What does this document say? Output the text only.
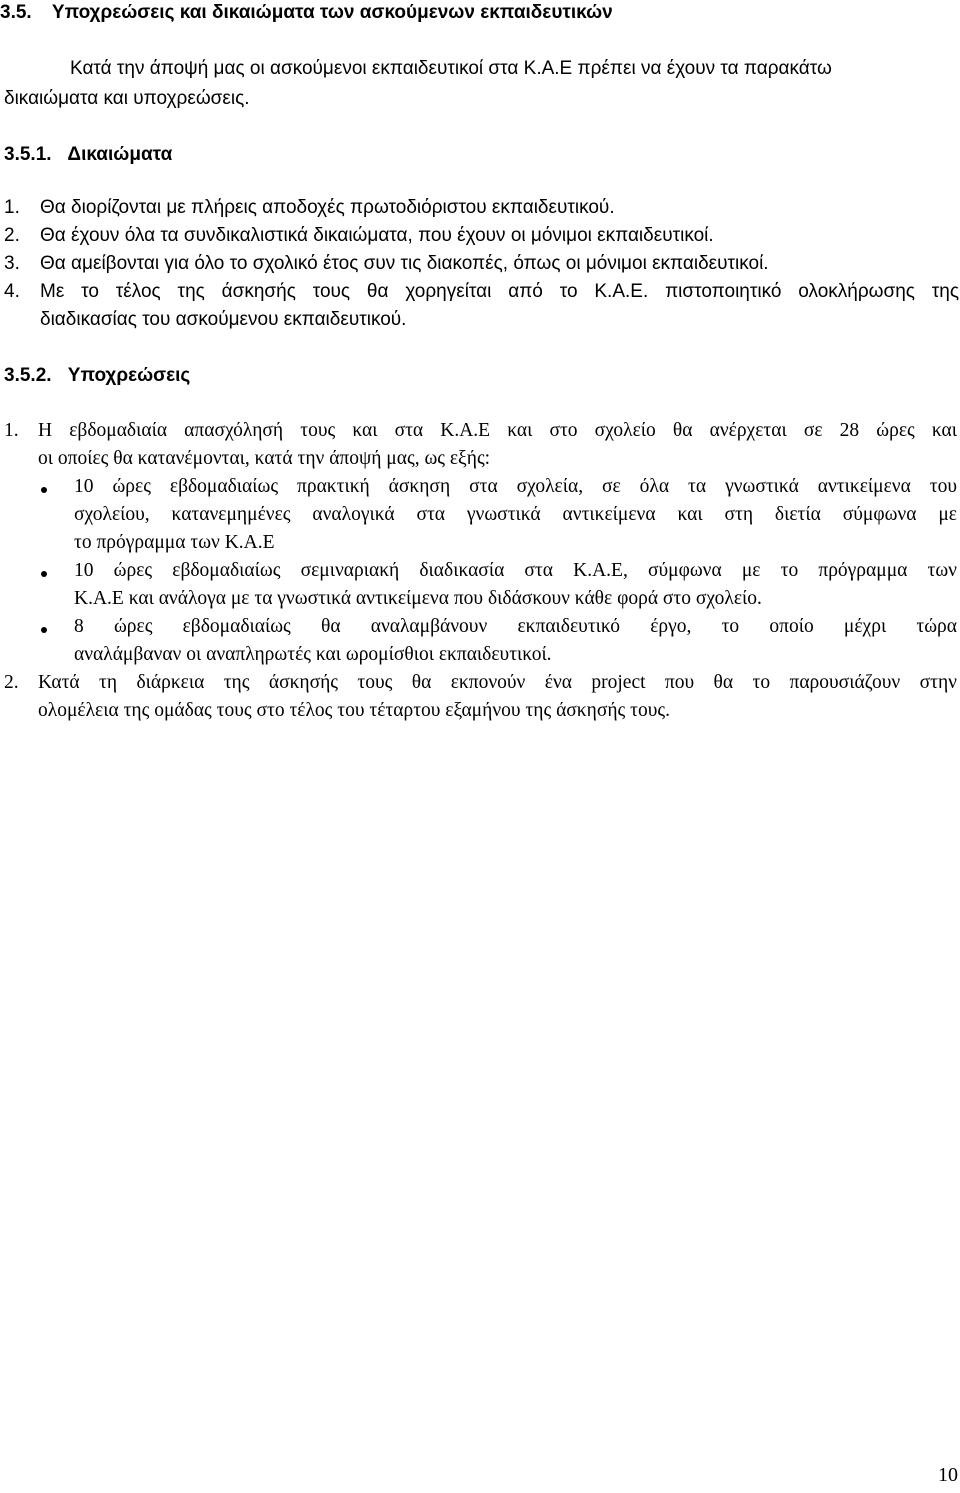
3.5. Υποχρεώσεις και δικαιώματα των ασκούμενων εκπαιδευτικών
Κατά την άποψή μας οι ασκούμενοι εκπαιδευτικοί στα Κ.Α.Ε πρέπει να έχουν τα παρακάτω
δικαιώματα και υποχρεώσεις.
3.5.1. Δικαιώματα
1. Θα διορίζονται με πλήρεις αποδοχές πρωτοδιόριστου εκπαιδευτικού.
2. Θα έχουν όλα τα συνδικαλιστικά δικαιώματα, που έχουν οι μόνιμοι εκπαιδευτικοί.
3. Θα αμείβονται για όλο το σχολικό έτος συν τις διακοπές, όπως οι μόνιμοι εκπαιδευτικοί.
4. Με το τέλος της άσκησής τους θα χορηγείται από το Κ.Α.Ε. πιστοποιητικό ολοκλήρωσης της
διαδικασίας του ασκούμενου εκπαιδευτικού.
3.5.2. Υποχρεώσεις
1. Η εβδομαδιαία απασχόλησή τους και στα Κ.Α.Ε και στο σχολείο θα ανέρχεται σε 28 ώρες και
οι οποίες θα κατανέμονται, κατά την άποψή μας, ως εξής:
10 ώρες εβδομαδιαίως πρακτική άσκηση στα σχολεία, σε όλα τα γνωστικά αντικείμενα του
σχολείου, κατανεμημένες αναλογικά στα γνωστικά αντικείμενα και στη διετία σύμφωνα με
το πρόγραμμα των Κ.Α.Ε
10 ώρες εβδομαδιαίως σεμιναριακή διαδικασία στα Κ.Α.Ε, σύμφωνα με το πρόγραμμα των
Κ.Α.Ε και ανάλογα με τα γνωστικά αντικείμενα που διδάσκουν κάθε φορά στο σχολείο.
8 ώρες εβδομαδιαίως θα αναλαμβάνουν εκπαιδευτικό έργο, το οποίο μέχρι τώρα
αναλάμβαναν οι αναπληρωτές και ωρομίσθιοι εκπαιδευτικοί.
2. Κατά τη διάρκεια της άσκησής τους θα εκπονούν ένα project που θα το παρουσιάζουν στην
ολομέλεια της ομάδας τους στο τέλος του τέταρτου εξαμήνου της άσκησής τους.
10
